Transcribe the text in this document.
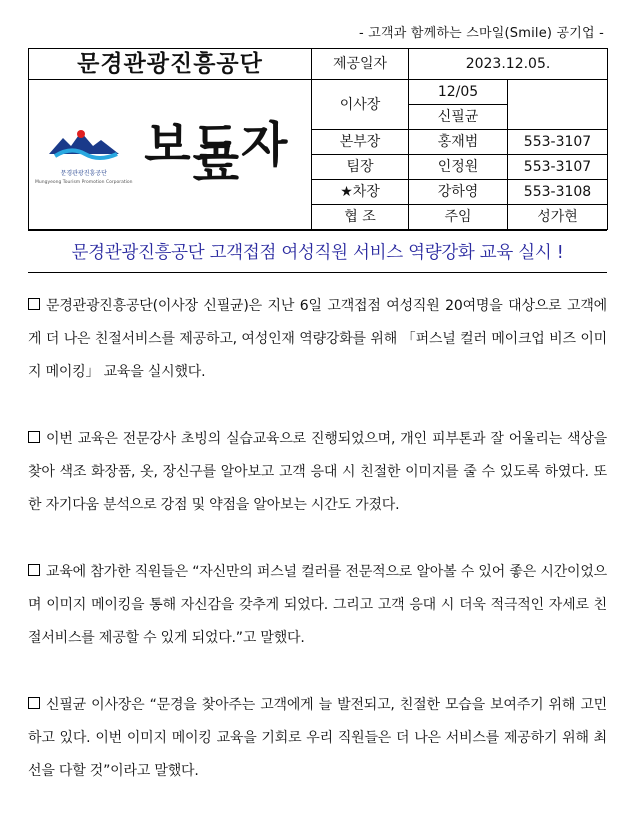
- 고객과 함께하는 스마일(Smile) 공기업 -
문경관광진흥공단	제공일자	2023.12.05.	

문경관광진흥공단
Mungyeong Tourism Promotion Corporation
보도자료	이사장	12/05	
		신필균	
	본부장	홍재범	553-3107
	팀장	인정원	553-3107
	★차장	강하영	553-3108
	협 조	주임	성가현
문경관광진흥공단 고객접점 여성직원 서비스 역량강화 교육 실시 !

문경관광진흥공단(이사장 신필균)은 지난 6일 고객접점 여성직원 20여명을 대상으로 고객에게 더 나은 친절서비스를 제공하고, 여성인재 역량강화를 위해 「퍼스널 컬러 메이크업 비즈 이미지 메이킹」 교육을 실시했다.

이번 교육은 전문강사 초빙의 실습교육으로 진행되었으며, 개인 피부톤과 잘 어울리는 색상을 찾아 색조 화장품, 옷, 장신구를 알아보고 고객 응대 시 친절한 이미지를 줄 수 있도록 하였다. 또한 자기다움 분석으로 강점 및 약점을 알아보는 시간도 가졌다.

교육에 참가한 직원들은 “자신만의 퍼스널 컬러를 전문적으로 알아볼 수 있어 좋은 시간이었으며 이미지 메이킹을 통해 자신감을 갖추게 되었다. 그리고 고객 응대 시 더욱 적극적인 자세로 친절서비스를 제공할 수 있게 되었다.”고 말했다.

신필균 이사장은 “문경을 찾아주는 고객에게 늘 발전되고, 친절한 모습을 보여주기 위해 고민하고 있다. 이번 이미지 메이킹 교육을 기회로 우리 직원들은 더 나은 서비스를 제공하기 위해 최선을 다할 것”이라고 말했다.
